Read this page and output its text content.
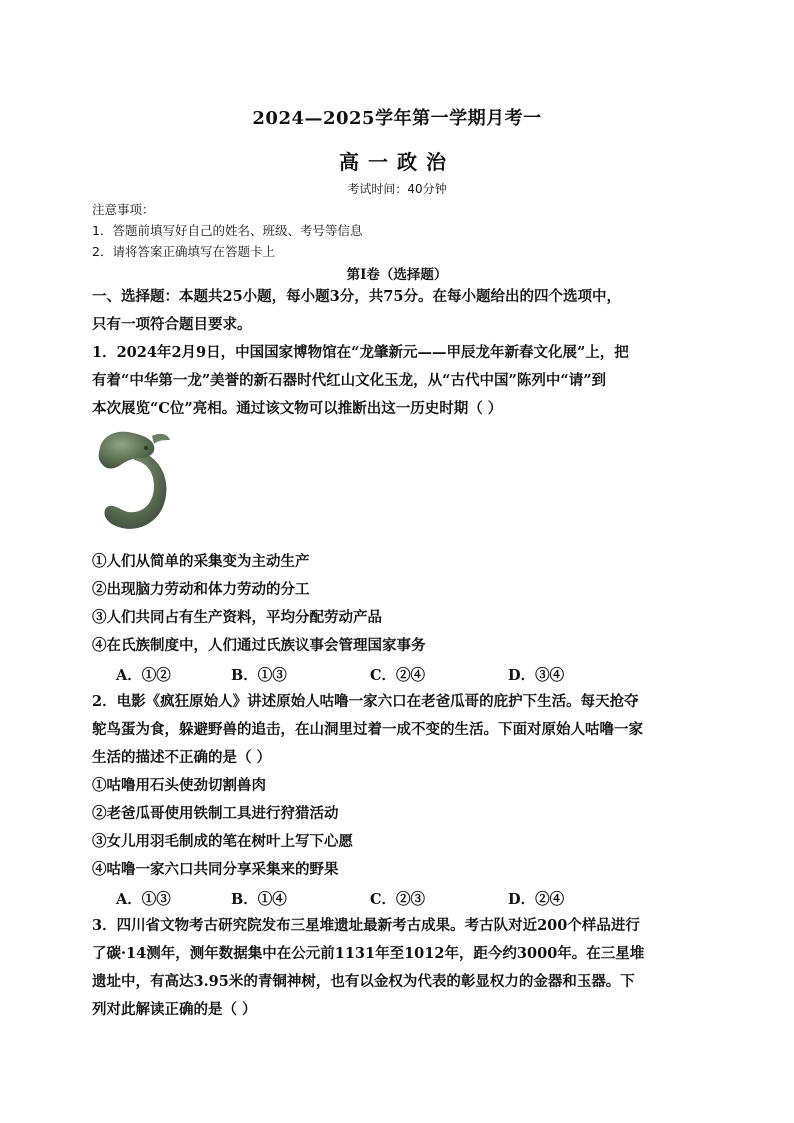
2024—2025学年第一学期月考一
高一政治
考试时间：40分钟
注意事项：
1．答题前填写好自己的姓名、班级、考号等信息
2．请将答案正确填写在答题卡上
第Ⅰ卷（选择题）
一、选择题：本题共25小题，每小题3分，共75分。在每小题给出的四个选项中，
只有一项符合题目要求。
1．2024年2月9日，中国国家博物馆在“龙肇新元——甲辰龙年新春文化展”上，把
有着“中华第一龙”美誉的新石器时代红山文化玉龙，从“古代中国”陈列中“请”到
本次展览“C位”亮相。通过该文物可以推断出这一历史时期（ ）
①人们从简单的采集变为主动生产
②出现脑力劳动和体力劳动的分工
③人们共同占有生产资料，平均分配劳动产品
④在氏族制度中，人们通过氏族议事会管理国家事务
A．①②	B．①③	C．②④	D．③④
2．电影《疯狂原始人》讲述原始人咕噜一家六口在老爸瓜哥的庇护下生活。每天抢夺
鸵鸟蛋为食，躲避野兽的追击，在山洞里过着一成不变的生活。下面对原始人咕噜一家
生活的描述不正确的是（ ）
①咕噜用石头使劲切割兽肉
②老爸瓜哥使用铁制工具进行狩猎活动
③女儿用羽毛制成的笔在树叶上写下心愿
④咕噜一家六口共同分享采集来的野果
A．①③	B．①④	C．②③	D．②④
3．四川省文物考古研究院发布三星堆遗址最新考古成果。考古队对近200个样品进行
了碳·14测年，测年数据集中在公元前1131年至1012年，距今约3000年。在三星堆
遗址中，有高达3.95米的青铜神树，也有以金权为代表的彰显权力的金器和玉器。下
列对此解读正确的是（ ）
